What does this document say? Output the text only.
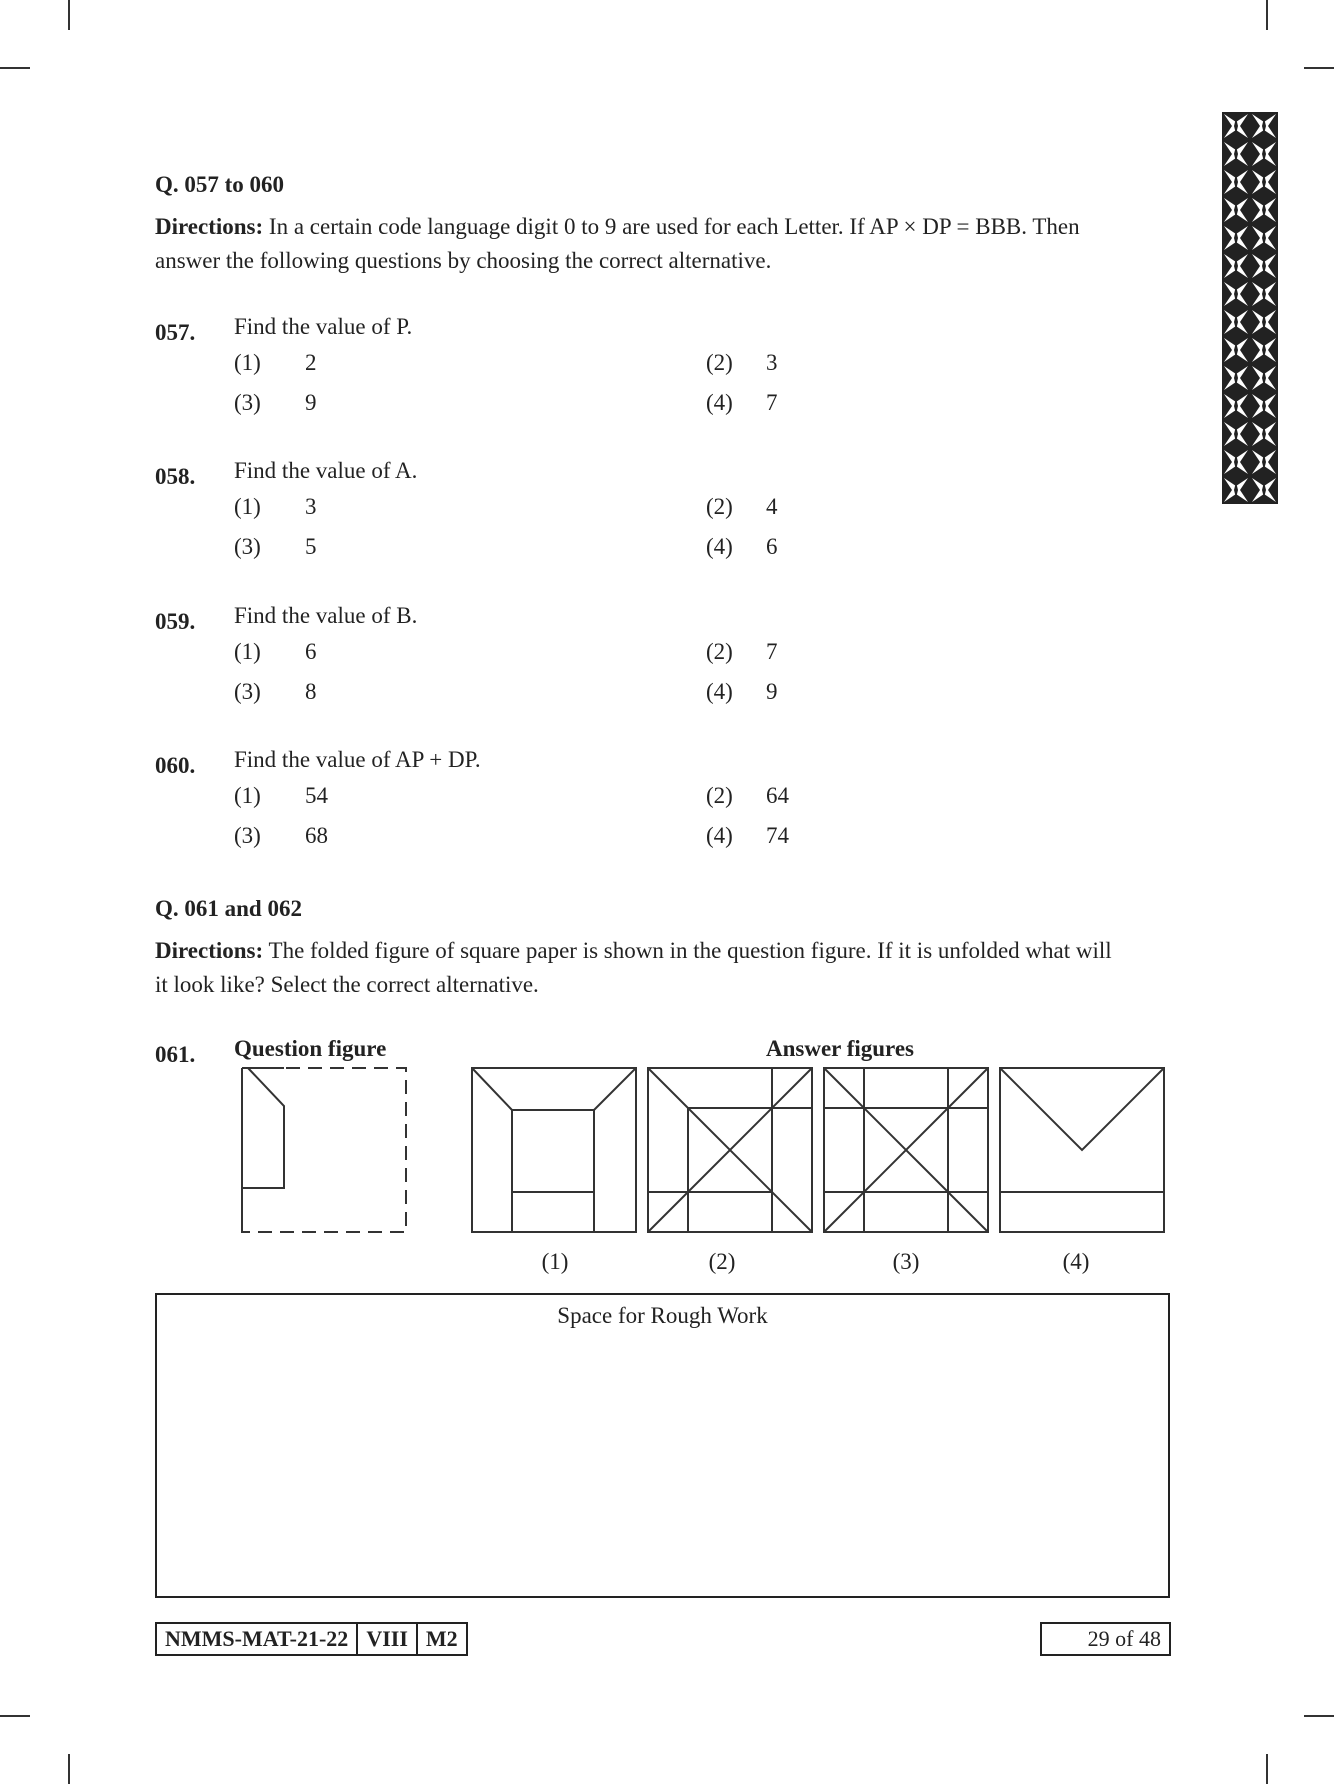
Q. 057 to 060
Directions: In a certain code language digit 0 to 9 are used for each Letter. If AP × DP = BBB. Then
answer the following questions by choosing the correct alternative.
057. Find the value of P.
(1) 2	(2) 3
(3) 9	(4) 7
058. Find the value of A.
(1) 3	(2) 4
(3) 5	(4) 6
059. Find the value of B.
(1) 6	(2) 7
(3) 8	(4) 9
060. Find the value of AP + DP.
(1) 54	(2) 64
(3) 68	(4) 74
Q. 061 and 062
Directions: The folded figure of square paper is shown in the question figure. If it is unfolded what will
it look like? Select the correct alternative.
061. Question figure	Answer figures
(1)	(2)	(3)	(4)
Space for Rough Work
NMMS-MAT-21-22 VIII M2	29 of 48
